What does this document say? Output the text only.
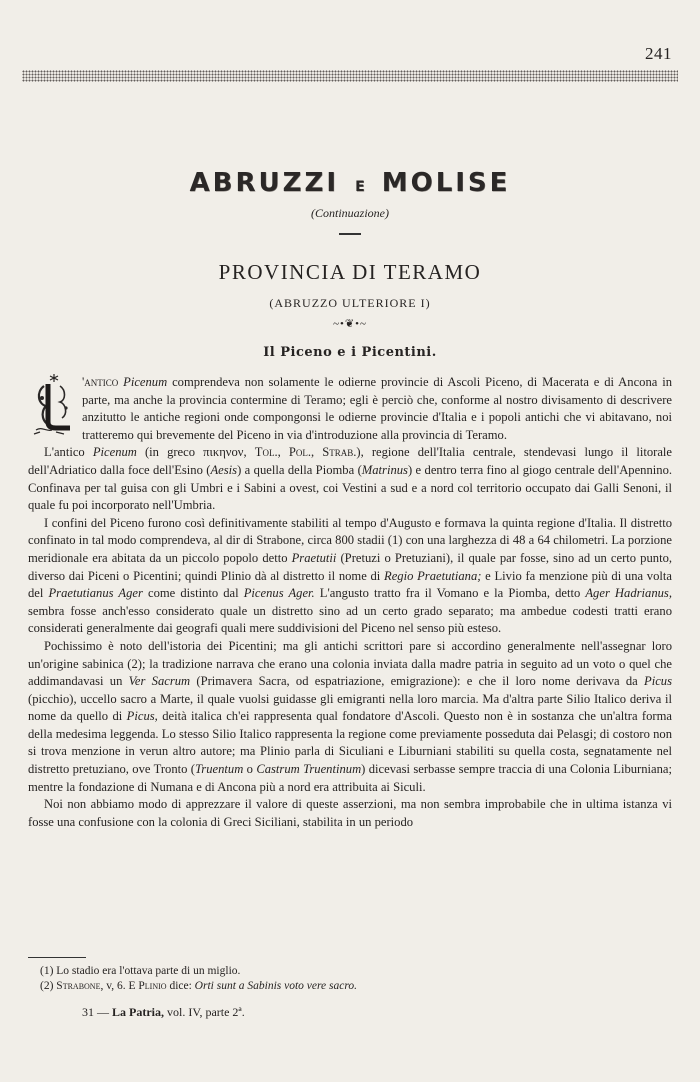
241
ABRUZZI E MOLISE
(Continuazione)
PROVINCIA DI TERAMO
(ABRUZZO ULTERIORE I)
~•❦•~
Il Piceno e i Picentini.

'antico Picenum comprendeva non solamente le odierne provincie di Ascoli Piceno, di Macerata e di Ancona in parte, ma anche la provincia contermine di Teramo; egli è perciò che, conforme al nostro divisamento di descrivere anzitutto le antiche regioni onde compongonsi le odierne provincie d'Italia e i popoli antichi che vi abitavano, noi tratteremo qui brevemente del Piceno in via d'introduzione alla provincia di Teramo.

L'antico Picenum (in greco πικηνον, Tol., Pol., Strab.), regione dell'Italia centrale, stendevasi lungo il litorale dell'Adriatico dalla foce dell'Esino (Aesis) a quella della Piomba (Matrinus) e dentro terra fino al giogo centrale dell'Apennino. Confinava per tal guisa con gli Umbri e i Sabini a ovest, coi Vestini a sud e a nord col territorio occupato dai Galli Senoni, il quale fu poi incorporato nell'Umbria.

I confini del Piceno furono così definitivamente stabiliti al tempo d'Augusto e formava la quinta regione d'Italia. Il distretto confinato in tal modo comprendeva, al dir di Strabone, circa 800 stadii (1) con una larghezza di 48 a 64 chilometri. La porzione meridionale era abitata da un piccolo popolo detto Praetutii (Pretuzi o Pretuziani), il quale par fosse, sino ad un certo punto, diverso dai Piceni o Picentini; quindi Plinio dà al distretto il nome di Regio Praetutiana; e Livio fa menzione più di una volta del Praetutianus Ager come distinto dal Picenus Ager. L'angusto tratto fra il Vomano e la Piomba, detto Ager Hadrianus, sembra fosse anch'esso considerato quale un distretto sino ad un certo grado separato; ma ambedue codesti tratti erano considerati generalmente dai geografi quali mere suddivisioni del Piceno nel senso più esteso.

Pochissimo è noto dell'istoria dei Picentini; ma gli antichi scrittori pare si accordino generalmente nell'assegnar loro un'origine sabinica (2); la tradizione narrava che erano una colonia inviata dalla madre patria in seguito ad un voto o quel che addimandavasi un Ver Sacrum (Primavera Sacra, od espatriazione, emigrazione): e che il loro nome derivava da Picus (picchio), uccello sacro a Marte, il quale vuolsi guidasse gli emigranti nella loro marcia. Ma d'altra parte Silio Italico deriva il nome da quello di Picus, deità italica ch'ei rappresenta qual fondatore d'Ascoli. Questo non è in sostanza che un'altra forma della medesima leggenda. Lo stesso Silio Italico rappresenta la regione come previamente posseduta dai Pelasgi; di costoro non si trova menzione in verun altro autore; ma Plinio parla di Siculiani e Liburniani stabiliti su quella costa, segnatamente nel distretto pretuziano, ove Tronto (Truentum o Castrum Truentinum) dicevasi serbasse sempre traccia di una Colonia Liburniana; mentre la fondazione di Numana e di Ancona più a nord era attribuita ai Siculi.

Noi non abbiamo modo di apprezzare il valore di queste asserzioni, ma non sembra improbabile che in ultima istanza vi fosse una confusione con la colonia di Greci Siciliani, stabilita in un periodo

(1) Lo stadio era l'ottava parte di un miglio.
(2) Strabone, v, 6. E Plinio dice: Orti sunt a Sabinis voto vere sacro.
31 — La Patria, vol. IV, parte 2ª.
